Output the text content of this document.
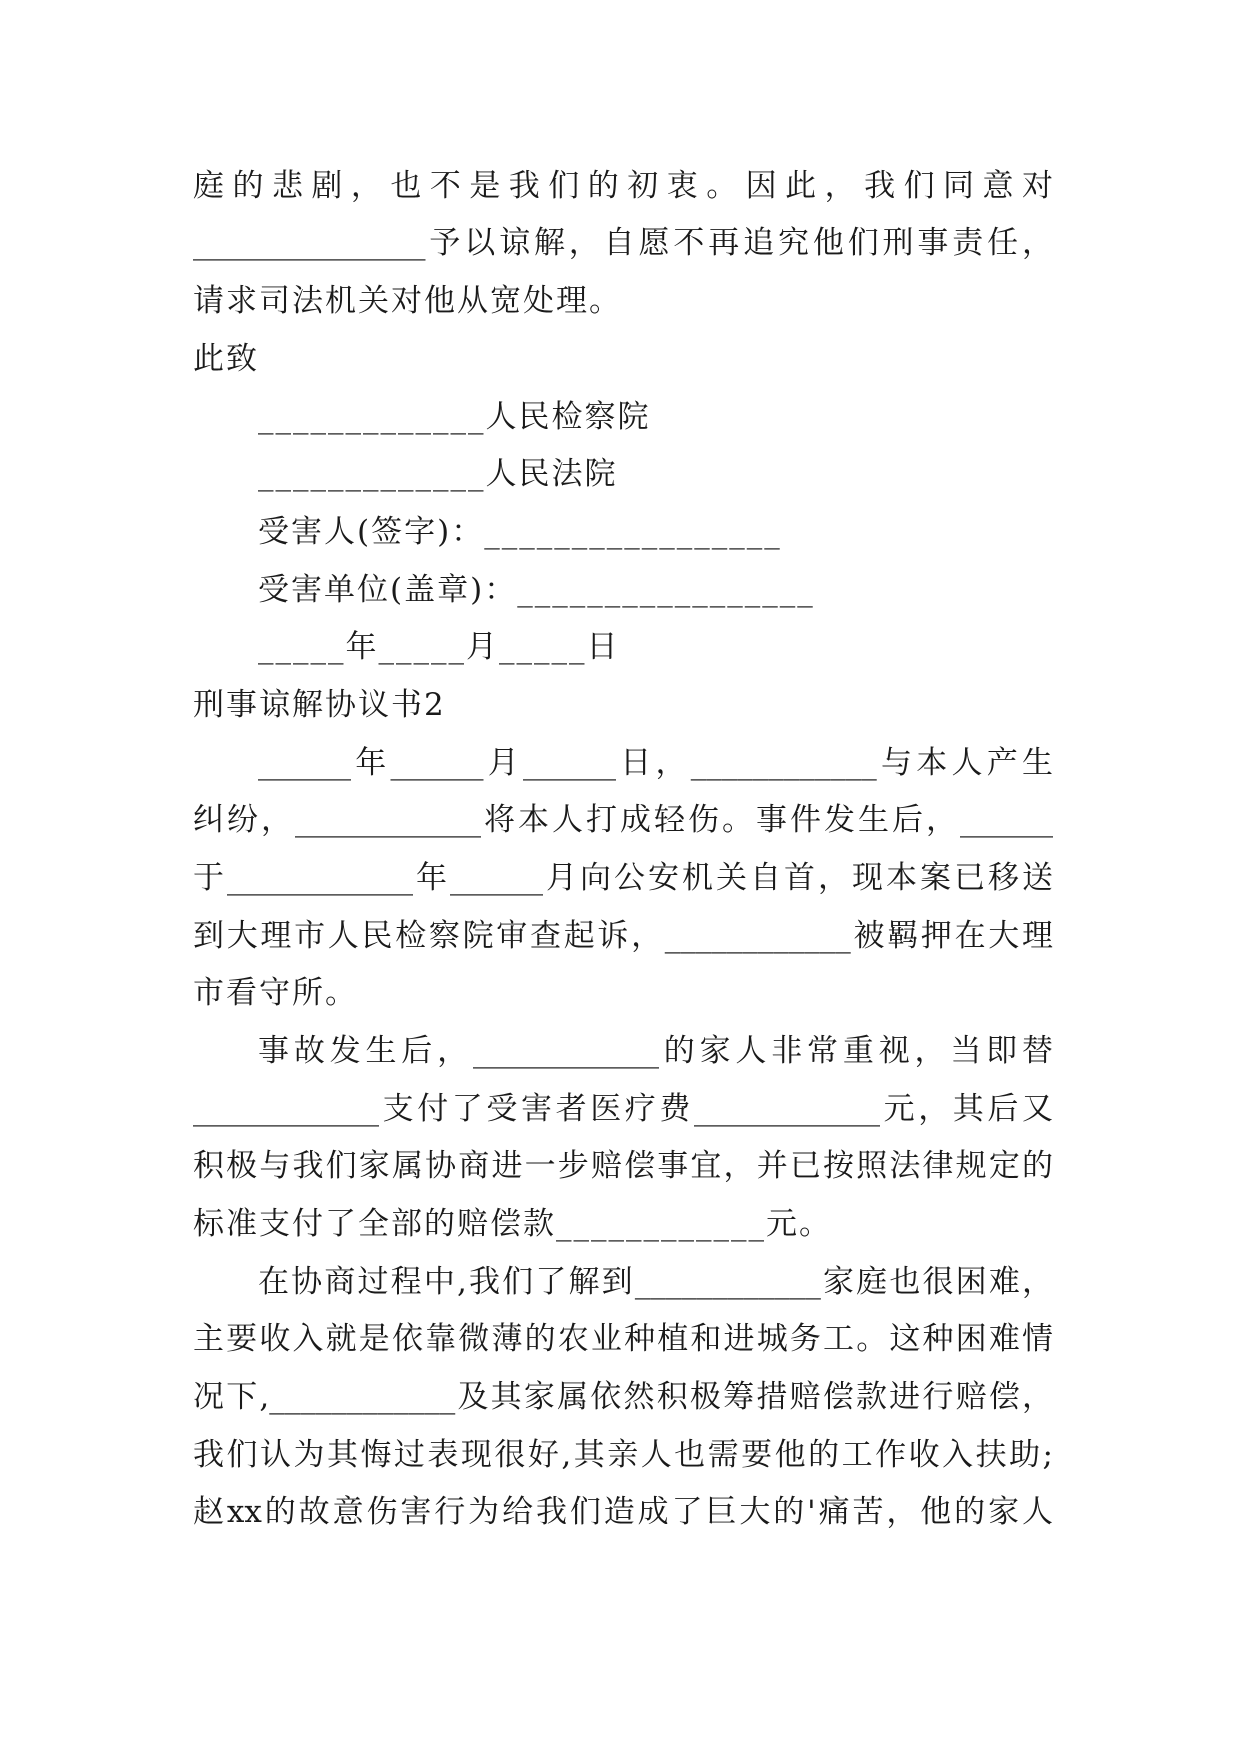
庭的悲剧，也不是我们的初衷。因此，我们同意对
_______________予以谅解，自愿不再追究他们刑事责任，
请求司法机关对他从宽处理。
此致
_____________人民检察院
_____________人民法院
受害人(签字)：_________________
受害单位(盖章)：_________________
_____年_____月_____日
刑事谅解协议书2
______年______月______日，____________与本人产生
纠纷，____________将本人打成轻伤。事件发生后，______
于____________年______月向公安机关自首，现本案已移送
到大理市人民检察院审查起诉，____________被羁押在大理
市看守所。
事故发生后，____________的家人非常重视，当即替
____________支付了受害者医疗费____________元，其后又
积极与我们家属协商进一步赔偿事宜，并已按照法律规定的
标准支付了全部的赔偿款____________元。
在协商过程中,我们了解到____________家庭也很困难，
主要收入就是依靠微薄的农业种植和进城务工。这种困难情
况下,____________及其家属依然积极筹措赔偿款进行赔偿，
我们认为其悔过表现很好,其亲人也需要他的工作收入扶助;
赵xx的故意伤害行为给我们造成了巨大的'痛苦，他的家人
